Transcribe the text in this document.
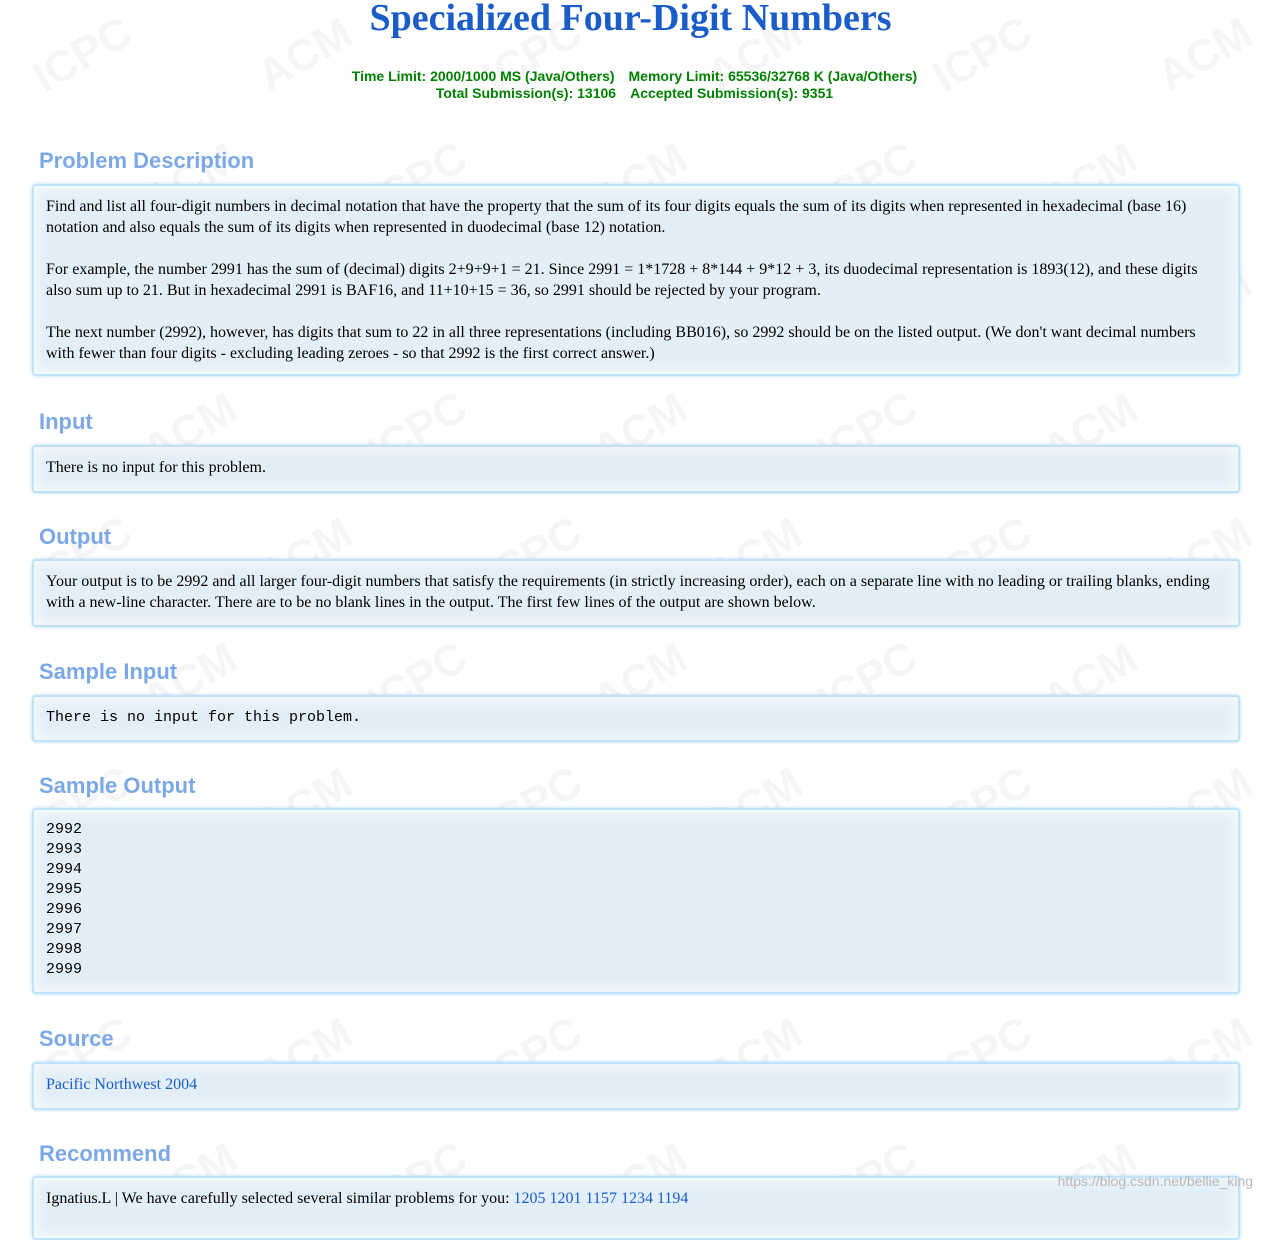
Specialized Four-Digit Numbers
Time Limit: 2000/1000 MS (Java/Others) Memory Limit: 65536/32768 K (Java/Others)
Total Submission(s): 13106 Accepted Submission(s): 9351
Problem Description

Find and list all four-digit numbers in decimal notation that have the property that the sum of its four digits equals the sum of its digits when represented in hexadecimal (base 16) notation and also equals the sum of its digits when represented in duodecimal (base 12) notation.

For example, the number 2991 has the sum of (decimal) digits 2+9+9+1 = 21. Since 2991 = 1*1728 + 8*144 + 9*12 + 3, its duodecimal representation is 1893(12), and these digits also sum up to 21. But in hexadecimal 2991 is BAF16, and 11+10+15 = 36, so 2991 should be rejected by your program.

The next number (2992), however, has digits that sum to 22 in all three representations (including BB016), so 2992 should be on the listed output. (We don't want decimal numbers with fewer than four digits - excluding leading zeroes - so that 2992 is the first correct answer.)

Input

There is no input for this problem.

Output

Your output is to be 2992 and all larger four-digit numbers that satisfy the requirements (in strictly increasing order), each on a separate line with no leading or trailing blanks, ending with a new-line character. There are to be no blank lines in the output. The first few lines of the output are shown below.

Sample Input
There is no input for this problem.
Sample Output
2992
2993
2994
2995
2996
2997
2998
2999
Source
Pacific Northwest 2004
Recommend
Ignatius.L | We have carefully selected several similar problems for you: 1205 1201 1157 1234 1194
https://blog.csdn.net/bellie_king
